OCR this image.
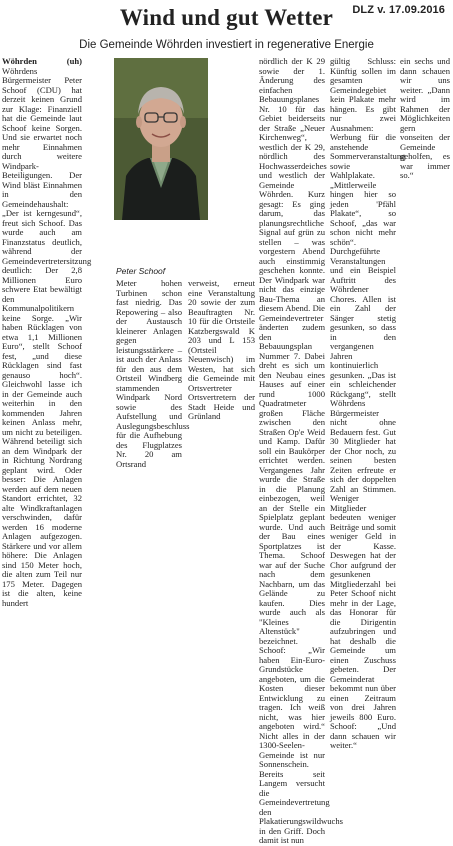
DLZ v. 17.09.2016
Wind und gut Wetter
Die Gemeinde Wöhrden investiert in regenerative Energie

Wöhrden (uh) Wöhrdens Bürgermeister Peter Schoof (CDU) hat derzeit keinen Grund zur Klage: Finanziell hat die Gemeinde laut Schoof keine Sorgen. Und sie erwartet noch mehr Einnahmen durch weitere Windpark-Beteiligungen. Der Wind bläst Einnahmen in den Gemeindehaushalt: „Der ist kerngesund“, freut sich Schoof. Das wurde auch am Finanzstatus deutlich, während der Gemeindevertretersitzung deutlich: Der 2,8 Millionen Euro schwere Etat bewältigt den Kommunalpolitikern keine Sorge. „Wir haben Rücklagen von etwa 1,1 Millionen Euro“, stellt Schoof fest, „und diese Rücklagen sind fast genauso hoch“. Gleichwohl lasse ich in der Gemeinde auch weiterhin in den kommenden Jahren keinen Anlass mehr, um nicht zu beteiligen. Während beteiligt sich an dem Windpark der in Richtung Nordrang geplant wird. Oder besser: Die Anlagen werden auf dem neuen Standort errichtet, 32 alte Windkraftanlagen verschwinden, dafür werden 16 moderne Anlagen aufgezogen. Stärkere und vor allem höhere: Die Anlagen sind 150 Meter hoch, die alten zum Teil nur 175 Meter. Dagegen ist die alten, keine hundert

Peter Schoof

Meter hohen Turbinen schon fast niedrig. Das Repowering – also der Austausch kleinerer Anlagen gegen leistungsstärkere – ist auch der Anlass für den aus dem Ortsteil Windberg stammenden Windpark Nord sowie des Aufstellung und Auslegungsbeschluss für die Aufhebung des Flugplatzes Nr. 20 am Ortsrand

verweist, erneut eine Veranstaltung 20 sowie der zum Beauftragten Nr. 10 für die Ortsteile Katzbergswald K 203 und L 153 (Ortsteil Neuenwisch) im Westen, hat sich die Gemeinde mit Ortsvertreter Ortsvertretern der Stadt Heide und Grünland

nördlich der K 29 sowie der 1. Änderung des einfachen Bebauungsplanes Nr. 10 für das Gebiet beiderseits der Straße „Neuer Kirchenweg“, westlich der K 29, nördlich des Hochwasserdeiches und westlich der Gemeinde Wöhrden. Kurz gesagt: Es ging darum, das planungsrechtliche Signal auf grün zu stellen – was vorgestern Abend auch einstimmig geschehen konnte. Der Windpark war nicht das einzige Bau-Thema an diesem Abend. Die Gemeindevertreter änderten zudem den Bebauungsplan Nummer 7. Dabei dreht es sich um den Neubau eines Hauses auf einer rund 1000 Quadratmeter großen Fläche zwischen den Straßen Op'e Weid und Kamp. Dafür soll ein Baukörper errichtet werden. Vergangenes Jahr wurde die Straße in die Planung einbezogen, weil an der Stelle ein Spielplatz geplant wurde. Und auch der Bau eines Sportplatzes ist Thema. Schoof war auf der Suche nach dem Nachbarn, um das Gelände zu kaufen. Dies wurde auch als "Kleines Altenstück" bezeichnet. Schoof: „Wir haben Ein-Euro-Grundstücke angeboten, um die Kosten dieser Entwicklung zu tragen. Ich weiß nicht, was hier angeboten wird.“ Nicht alles in der 1300-Seelen-Gemeinde ist nur Sonnenschein. Bereits seit Langem versucht die Gemeindevertretung den Plakatierungswildwuchs in den Griff. Doch damit ist nun

gültig Schluss: Künftig sollen im gesamten Gemeindegebiet kein Plakate mehr hängen. Es gibt nur zwei Ausnahmen: Werbung für die anstehende Sommerveranstaltung sowie Wahlplakate. „Mittlerweile hingen hier so jeden 'Pfähl Plakate“, so Schoof, „das war schon nicht mehr schön“. Durchgeführte Veranstaltungen und ein Beispiel Auftritt des Wöhrdener Chores. Allen ist ein Zahl der Sänger stetig gesunken, so dass in den vergangenen Jahren kontinuierlich gesunken. „Das ist ein schleichender Rückgang“, stellt Wöhrdens Bürgermeister nicht ohne Bedauern fest. Gut 30 Mitglieder hat der Chor noch, zu seinen besten Zeiten erfreute er sich der doppelten Zahl an Stimmen. Weniger Mitglieder bedeuten weniger Beiträge und somit weniger Geld in der Kasse. Deswegen hat der Chor aufgrund der gesunkenen Mitgliederzahl bei Peter Schoof nicht mehr in der Lage, das Honorar für die Dirigentin aufzubringen und hat deshalb die Gemeinde um einen Zuschuss gebeten. Der Gemeinderat bekommt nun über einen Zeitraum von drei Jahren jeweils 800 Euro. Schoof: „Und dann schauen wir weiter.“

ein sechs und dann schauen wir uns weiter. „Dann wird im Rahmen der Möglichkeiten gern vonseiten der Gemeinde geholfen, es war immer so.“
